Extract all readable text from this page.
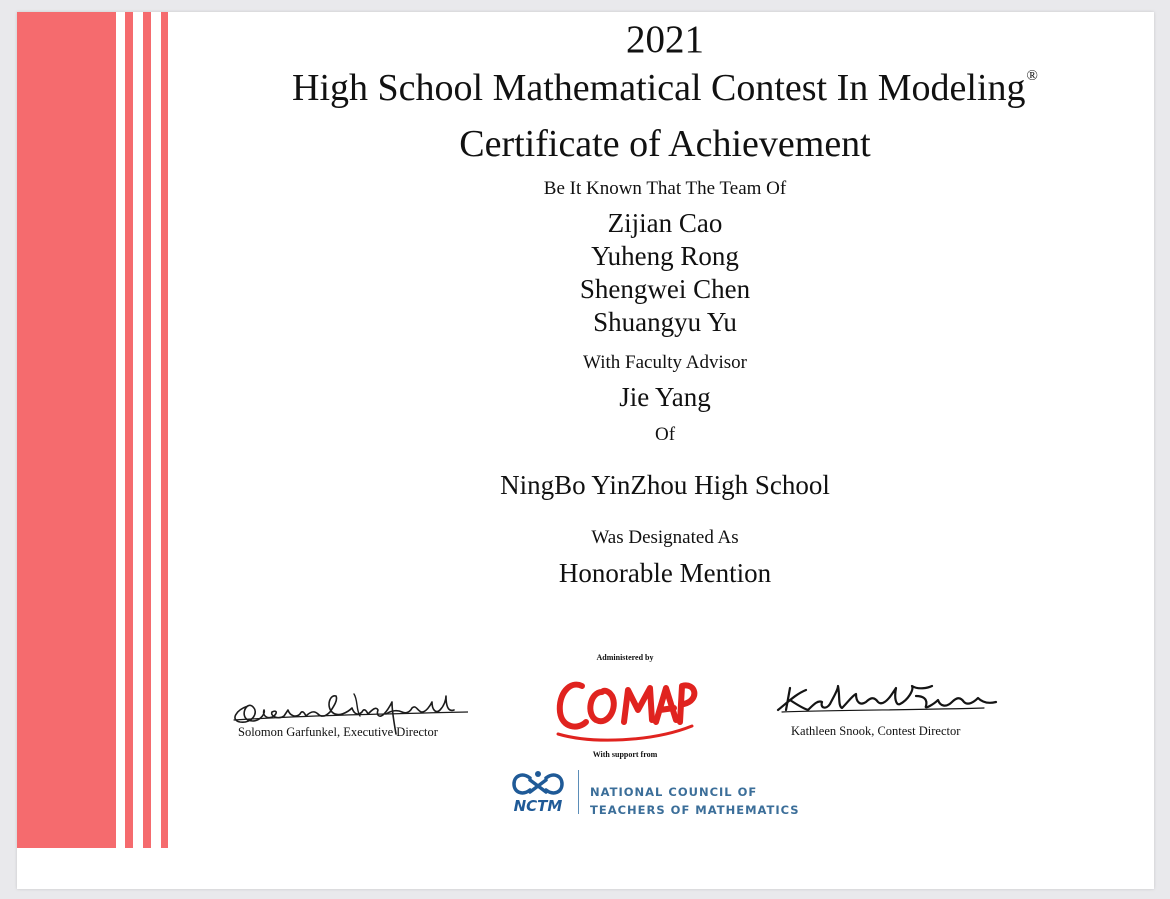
2021
High School Mathematical Contest In Modeling®
Certificate of Achievement
Be It Known That The Team Of
Zijian Cao
Yuheng Rong
Shengwei Chen
Shuangyu Yu
With Faculty Advisor
Jie Yang
Of
NingBo YinZhou High School
Was Designated As
Honorable Mention
Solomon Garfunkel, Executive Director	Kathleen Snook, Contest Director
Administered by
With support from
NCTM
NATIONAL COUNCIL OF
TEACHERS OF MATHEMATICS
